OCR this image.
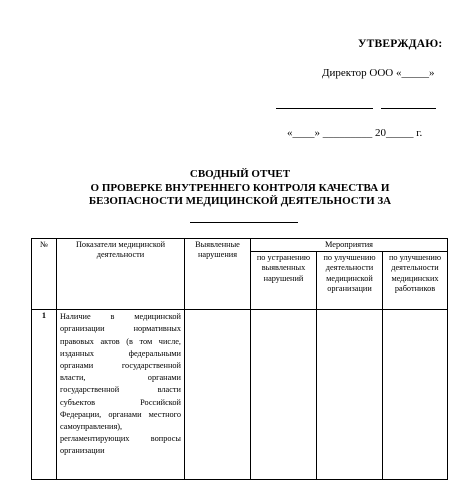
УТВЕРЖДАЮ:
Директор ООО «_____»
«____» _________ 20_____ г.
СВОДНЫЙ ОТЧЕТ
О ПРОВЕРКЕ ВНУТРЕННЕГО КОНТРОЛЯ КАЧЕСТВА И
БЕЗОПАСНОСТИ МЕДИЦИНСКОЙ ДЕЯТЕЛЬНОСТИ ЗА
№	Показатели медицинской деятельности	Выявленные нарушения	Мероприятия		
			по устранению выявленных нарушений	по улучшению деятельности медицинской организации	по улучшению деятельности медицинских работников
1	Наличие в медицинской организации нормативных правовых актов (в том числе, изданных федеральными органами государственной власти, органами государственной власти субъектов Российской Федерации, органами местного самоуправления), регламентирующих вопросы организации				
